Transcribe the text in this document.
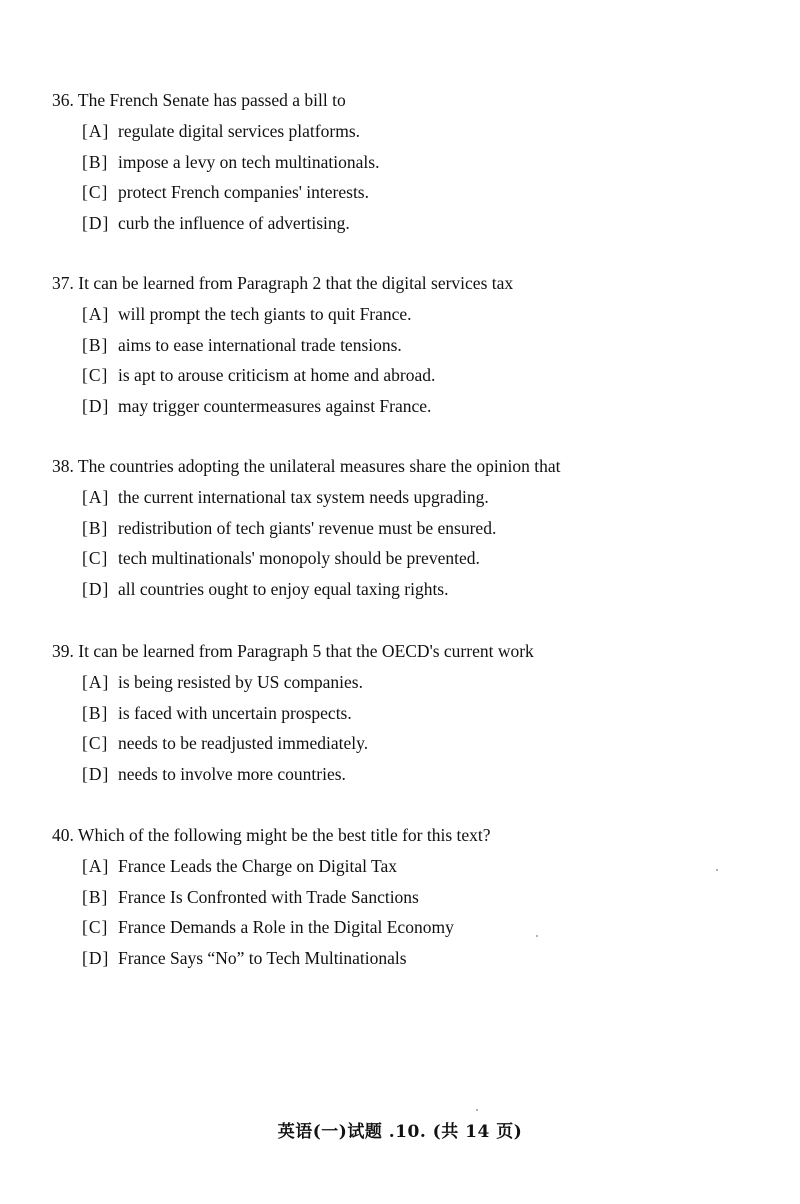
36. The French Senate has passed a bill to
[A] regulate digital services platforms.
[B] impose a levy on tech multinationals.
[C] protect French companies' interests.
[D] curb the influence of advertising.
37. It can be learned from Paragraph 2 that the digital services tax
[A] will prompt the tech giants to quit France.
[B] aims to ease international trade tensions.
[C] is apt to arouse criticism at home and abroad.
[D] may trigger countermeasures against France.
38. The countries adopting the unilateral measures share the opinion that
[A] the current international tax system needs upgrading.
[B] redistribution of tech giants' revenue must be ensured.
[C] tech multinationals' monopoly should be prevented.
[D] all countries ought to enjoy equal taxing rights.
39. It can be learned from Paragraph 5 that the OECD's current work
[A] is being resisted by US companies.
[B] is faced with uncertain prospects.
[C] needs to be readjusted immediately.
[D] needs to involve more countries.
40. Which of the following might be the best title for this text?
[A] France Leads the Charge on Digital Tax
[B] France Is Confronted with Trade Sanctions
[C] France Demands a Role in the Digital Economy
[D] France Says “No” to Tech Multinationals
英语(一)试题 .10. (共 14 页)
